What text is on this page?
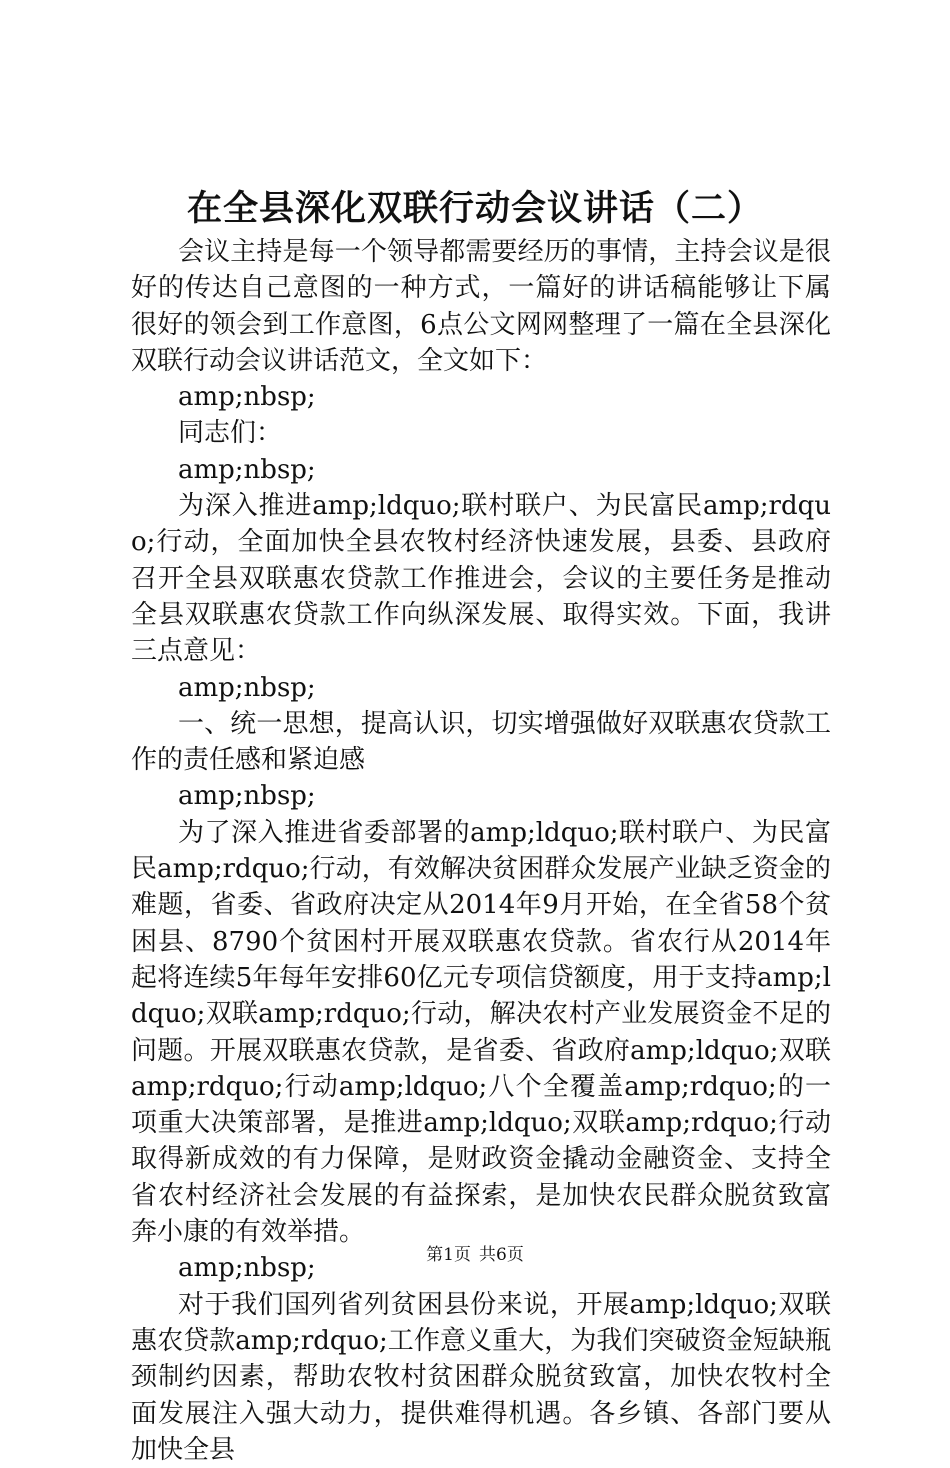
在全县深化双联行动会议讲话（二）

会议主持是每一个领导都需要经历的事情，主持会议是很好的传达自己意图的一种方式，一篇好的讲话稿能够让下属很好的领会到工作意图，6点公文网网整理了一篇在全县深化双联行动会议讲话范文，全文如下：

amp;nbsp;

同志们：

amp;nbsp;

为深入推进amp;ldquo;联村联户、为民富民amp;rdquo;行动，全面加快全县农牧村经济快速发展，县委、县政府召开全县双联惠农贷款工作推进会，会议的主要任务是推动全县双联惠农贷款工作向纵深发展、取得实效。下面，我讲三点意见：

amp;nbsp;

一、统一思想，提高认识，切实增强做好双联惠农贷款工作的责任感和紧迫感

amp;nbsp;

为了深入推进省委部署的amp;ldquo;联村联户、为民富民amp;rdquo;行动，有效解决贫困群众发展产业缺乏资金的难题，省委、省政府决定从2014年9月开始，在全省58个贫困县、8790个贫困村开展双联惠农贷款。省农行从2014年起将连续5年每年安排60亿元专项信贷额度，用于支持amp;ldquo;双联amp;rdquo;行动，解决农村产业发展资金不足的问题。开展双联惠农贷款，是省委、省政府amp;ldquo;双联amp;rdquo;行动amp;ldquo;八个全覆盖amp;rdquo;的一项重大决策部署，是推进amp;ldquo;双联amp;rdquo;行动取得新成效的有力保障，是财政资金撬动金融资金、支持全省农村经济社会发展的有益探索，是加快农民群众脱贫致富奔小康的有效举措。

amp;nbsp;

对于我们国列省列贫困县份来说，开展amp;ldquo;双联惠农贷款amp;rdquo;工作意义重大，为我们突破资金短缺瓶颈制约因素，帮助农牧村贫困群众脱贫致富，加快农牧村全面发展注入强大动力，提供难得机遇。各乡镇、各部门要从加快全县

第1页 共6页
